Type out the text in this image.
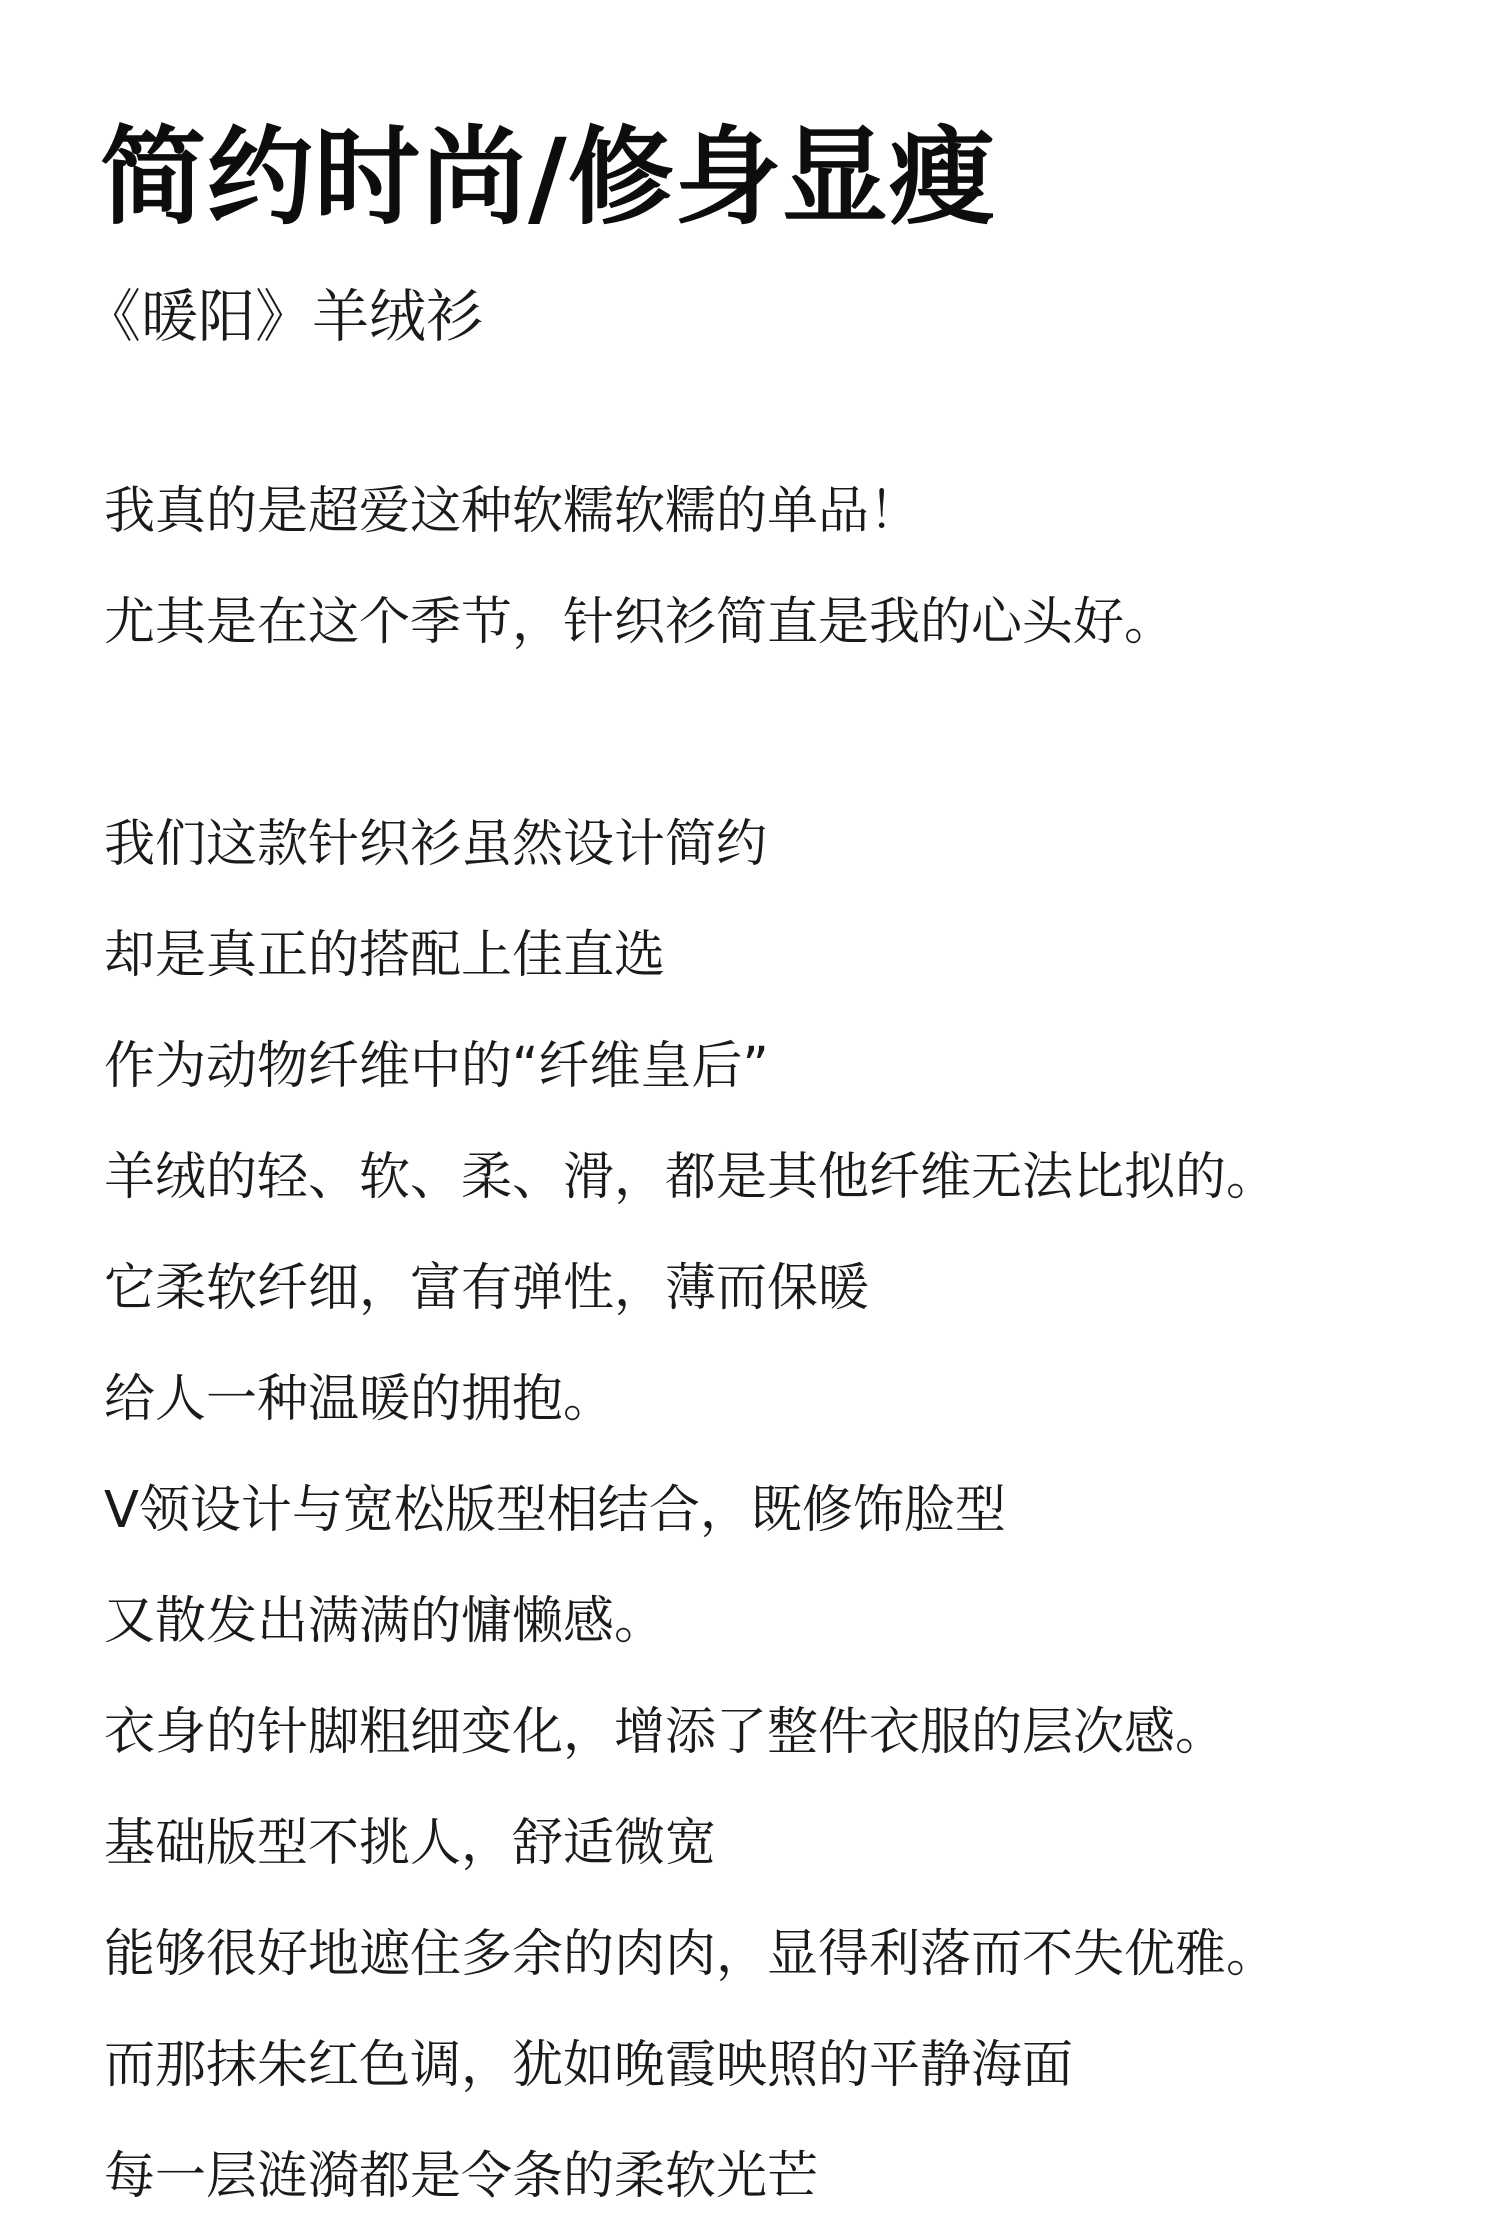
简约时尚/修身显瘦
《暖阳》羊绒衫
我真的是超爱这种软糯软糯的单品！
尤其是在这个季节，针织衫简直是我的心头好。
我们这款针织衫虽然设计简约
却是真正的搭配上佳直选
作为动物纤维中的“纤维皇后”
羊绒的轻、软、柔、滑，都是其他纤维无法比拟的。
它柔软纤细，富有弹性，薄而保暖
给人一种温暖的拥抱。
V领设计与宽松版型相结合，既修饰脸型
又散发出满满的慵懒感。
衣身的针脚粗细变化，增添了整件衣服的层次感。
基础版型不挑人，舒适微宽
能够很好地遮住多余的肉肉，显得利落而不失优雅。
而那抹朱红色调，犹如晚霞映照的平静海面
每一层涟漪都是令条的柔软光芒
